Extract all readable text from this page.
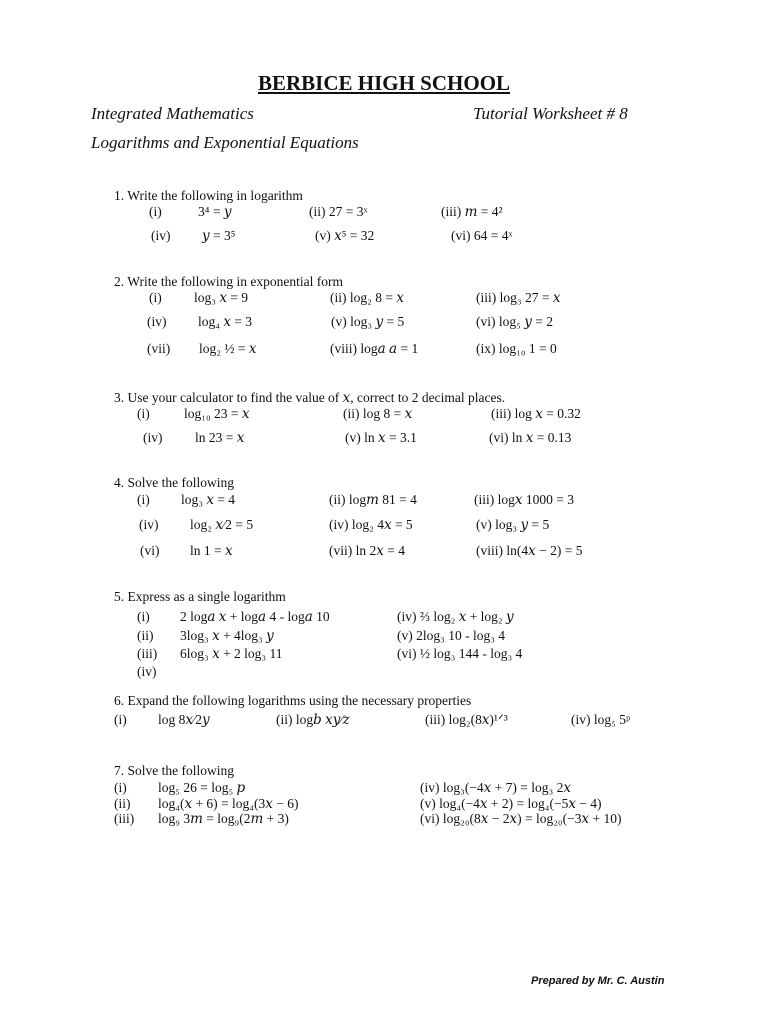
BERBICE HIGH SCHOOL
Integrated Mathematics	Tutorial Worksheet # 8
Logarithms and Exponential Equations
1. Write the following in logarithm
(i)	3⁴ = 𝑦	(ii) 27 = 3ˣ	(iii) 𝑚 = 4²
(iv) 𝑦 = 3⁵	(v) 𝑥⁵ = 32	(vi) 64 = 4ˣ
2. Write the following in exponential form
(i) log₃ 𝑥 = 9	(ii) log₂ 8 = 𝑥	(iii) log₃ 27 = 𝑥
(iv) log₄ 𝑥 = 3	(v) log₃ 𝑦 = 5	(vi) log₅ 𝑦 = 2
(vii) log₂ ½ = 𝑥	(viii) log𝑎 𝑎 = 1	(ix) log₁₀ 1 = 0
3. Use your calculator to find the value of 𝑥, correct to 2 decimal places.
(i)	log₁₀ 23 = 𝑥	(ii) log 8 = 𝑥	(iii) log 𝑥 = 0.32
(iv) ln 23 = 𝑥	(v) ln 𝑥 = 3.1	(vi) ln 𝑥 = 0.13
4. Solve the following
(i) log₃ 𝑥 = 4	(ii) log𝑚 81 = 4	(iii) log𝑥 1000 = 3
(iv) log₂ 𝑥⁄2 = 5	(iv) log₂ 4𝑥 = 5	(v) log₃ 𝑦 = 5
(vi) ln 1 = 𝑥	(vii) ln 2𝑥 = 4	(viii) ln(4𝑥 − 2) = 5
5. Express as a single logarithm
(i) 2 log𝑎 𝑥 + log𝑎 4 - log𝑎 10	(iv) ⅔ log₂ 𝑥 + log₂ 𝑦
(ii) 3log₃ 𝑥 + 4log₃ 𝑦	(v) 2log₃ 10 - log₃ 4
(iii) 6log₃ 𝑥 + 2 log₃ 11	(vi) ½ log₃ 144 - log₃ 4
(iv)
6. Expand the following logarithms using the necessary properties
(i) log 8𝑥⁄2𝑦	(ii) log𝑏 𝑥𝑦⁄𝑧	(iii) log₂(8𝑥)¹ᐟ³	(iv) log₅ 5ᵖ
7. Solve the following
(i) log₅ 26 = log₅ 𝑝	(iv) log₃(−4𝑥 + 7) = log₃ 2𝑥
(ii) log₄(𝑥 + 6) = log₄(3𝑥 − 6)	(v) log₄(−4𝑥 + 2) = log₄(−5𝑥 − 4)
(iii) log₉ 3𝑚 = log₉(2𝑚 + 3)	(vi) log₂₀(8𝑥 − 2𝑥) = log₂₀(−3𝑥 + 10)
Prepared by Mr. C. Austin
